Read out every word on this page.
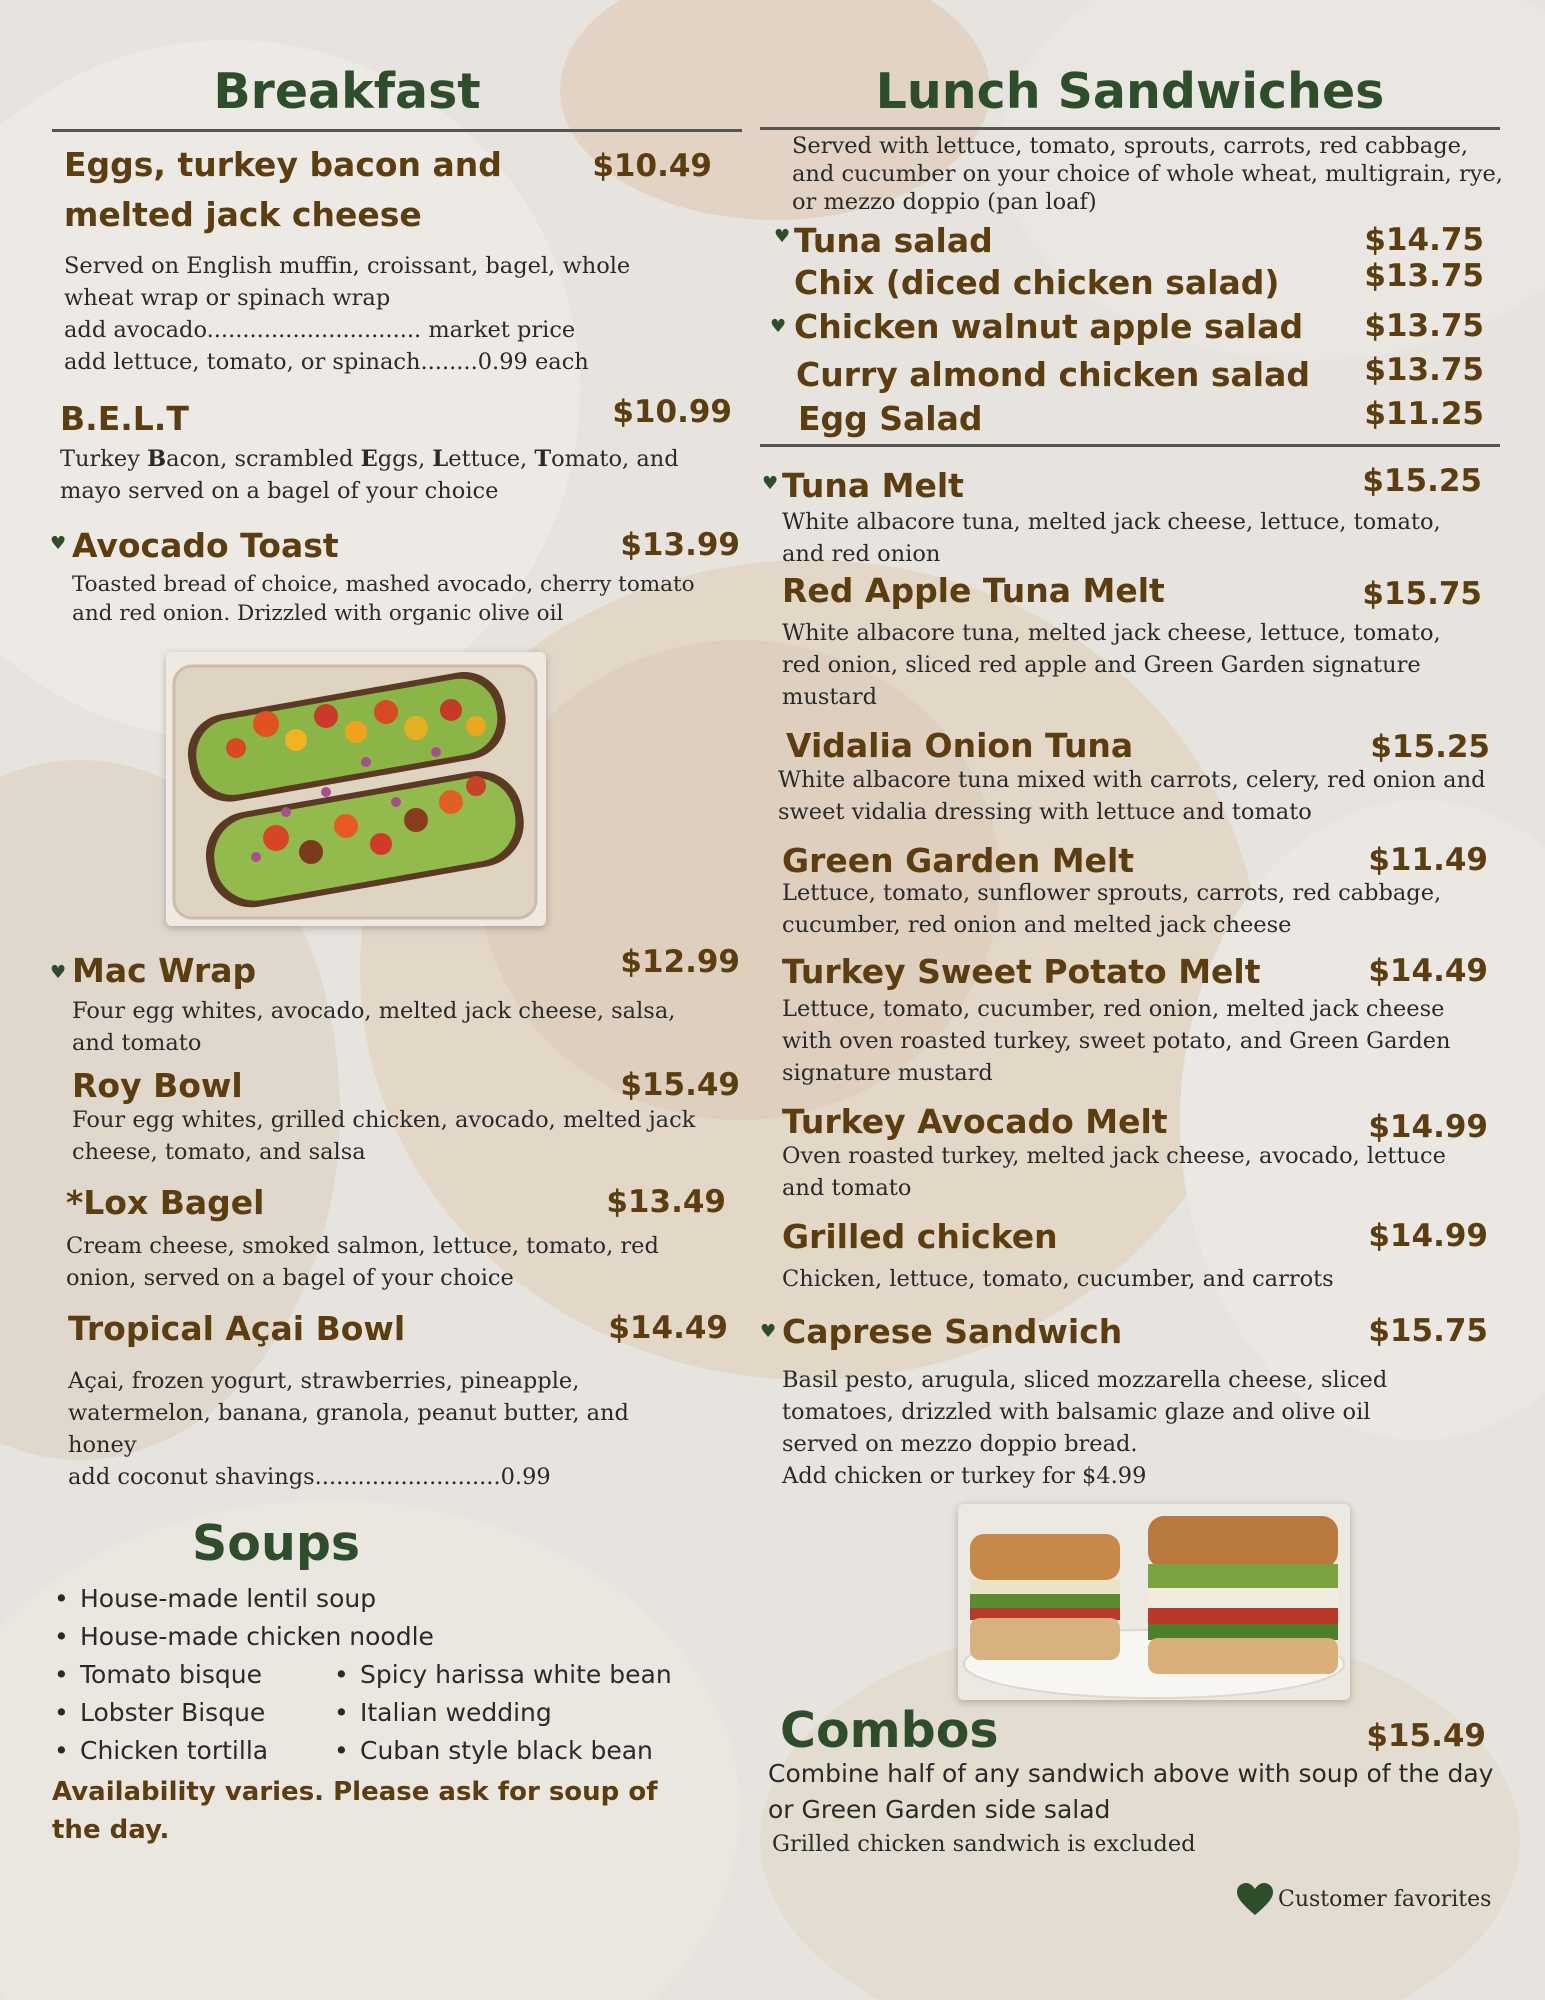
Breakfast
Eggs, turkey bacon and
melted jack cheese
$10.49
Served on English muffin, croissant, bagel, whole wheat wrap or spinach wrap
add avocado.............................. market price
add lettuce, tomato, or spinach........0.99 each
B.E.L.T	$10.99
Turkey Bacon, scrambled Eggs, Lettuce, Tomato, and mayo served on a bagel of your choice
♥ Avocado Toast	$13.99
Toasted bread of choice, mashed avocado, cherry tomato and red onion. Drizzled with organic olive oil
♥ Mac Wrap	$12.99
Four egg whites, avocado, melted jack cheese, salsa, and tomato
Roy Bowl	$15.49
Four egg whites, grilled chicken, avocado, melted jack cheese, tomato, and salsa
*Lox Bagel	$13.49
Cream cheese, smoked salmon, lettuce, tomato, red onion, served on a bagel of your choice
Tropical Açai Bowl	$14.49
Açai, frozen yogurt, strawberries, pineapple, watermelon, banana, granola, peanut butter, and honey
add coconut shavings..........................0.99
Soups
• House-made lentil soup
• House-made chicken noodle
• Tomato bisque	• Spicy harissa white bean
• Lobster Bisque	• Italian wedding
• Chicken tortilla	• Cuban style black bean
Availability varies. Please ask for soup of the day.
Lunch Sandwiches
Served with lettuce, tomato, sprouts, carrots, red cabbage, and cucumber on your choice of whole wheat, multigrain, rye, or mezzo doppio (pan loaf)
♥ Tuna salad	$14.75
Chix (diced chicken salad)	$13.75
♥ Chicken walnut apple salad	$13.75
Curry almond chicken salad	$13.75
Egg Salad	$11.25
♥ Tuna Melt	$15.25
White albacore tuna, melted jack cheese, lettuce, tomato, and red onion
Red Apple Tuna Melt	$15.75
White albacore tuna, melted jack cheese, lettuce, tomato, red onion, sliced red apple and Green Garden signature mustard
Vidalia Onion Tuna	$15.25
White albacore tuna mixed with carrots, celery, red onion and sweet vidalia dressing with lettuce and tomato
Green Garden Melt	$11.49
Lettuce, tomato, sunflower sprouts, carrots, red cabbage, cucumber, red onion and melted jack cheese
Turkey Sweet Potato Melt	$14.49
Lettuce, tomato, cucumber, red onion, melted jack cheese with oven roasted turkey, sweet potato, and Green Garden signature mustard
Turkey Avocado Melt	$14.99
Oven roasted turkey, melted jack cheese, avocado, lettuce and tomato
Grilled chicken	$14.99
Chicken, lettuce, tomato, cucumber, and carrots
♥ Caprese Sandwich	$15.75
Basil pesto, arugula, sliced mozzarella cheese, sliced tomatoes, drizzled with balsamic glaze and olive oil served on mezzo doppio bread.
Add chicken or turkey for $4.99
Combos	$15.49
Combine half of any sandwich above with soup of the day or Green Garden side salad
Grilled chicken sandwich is excluded
Customer favorites
